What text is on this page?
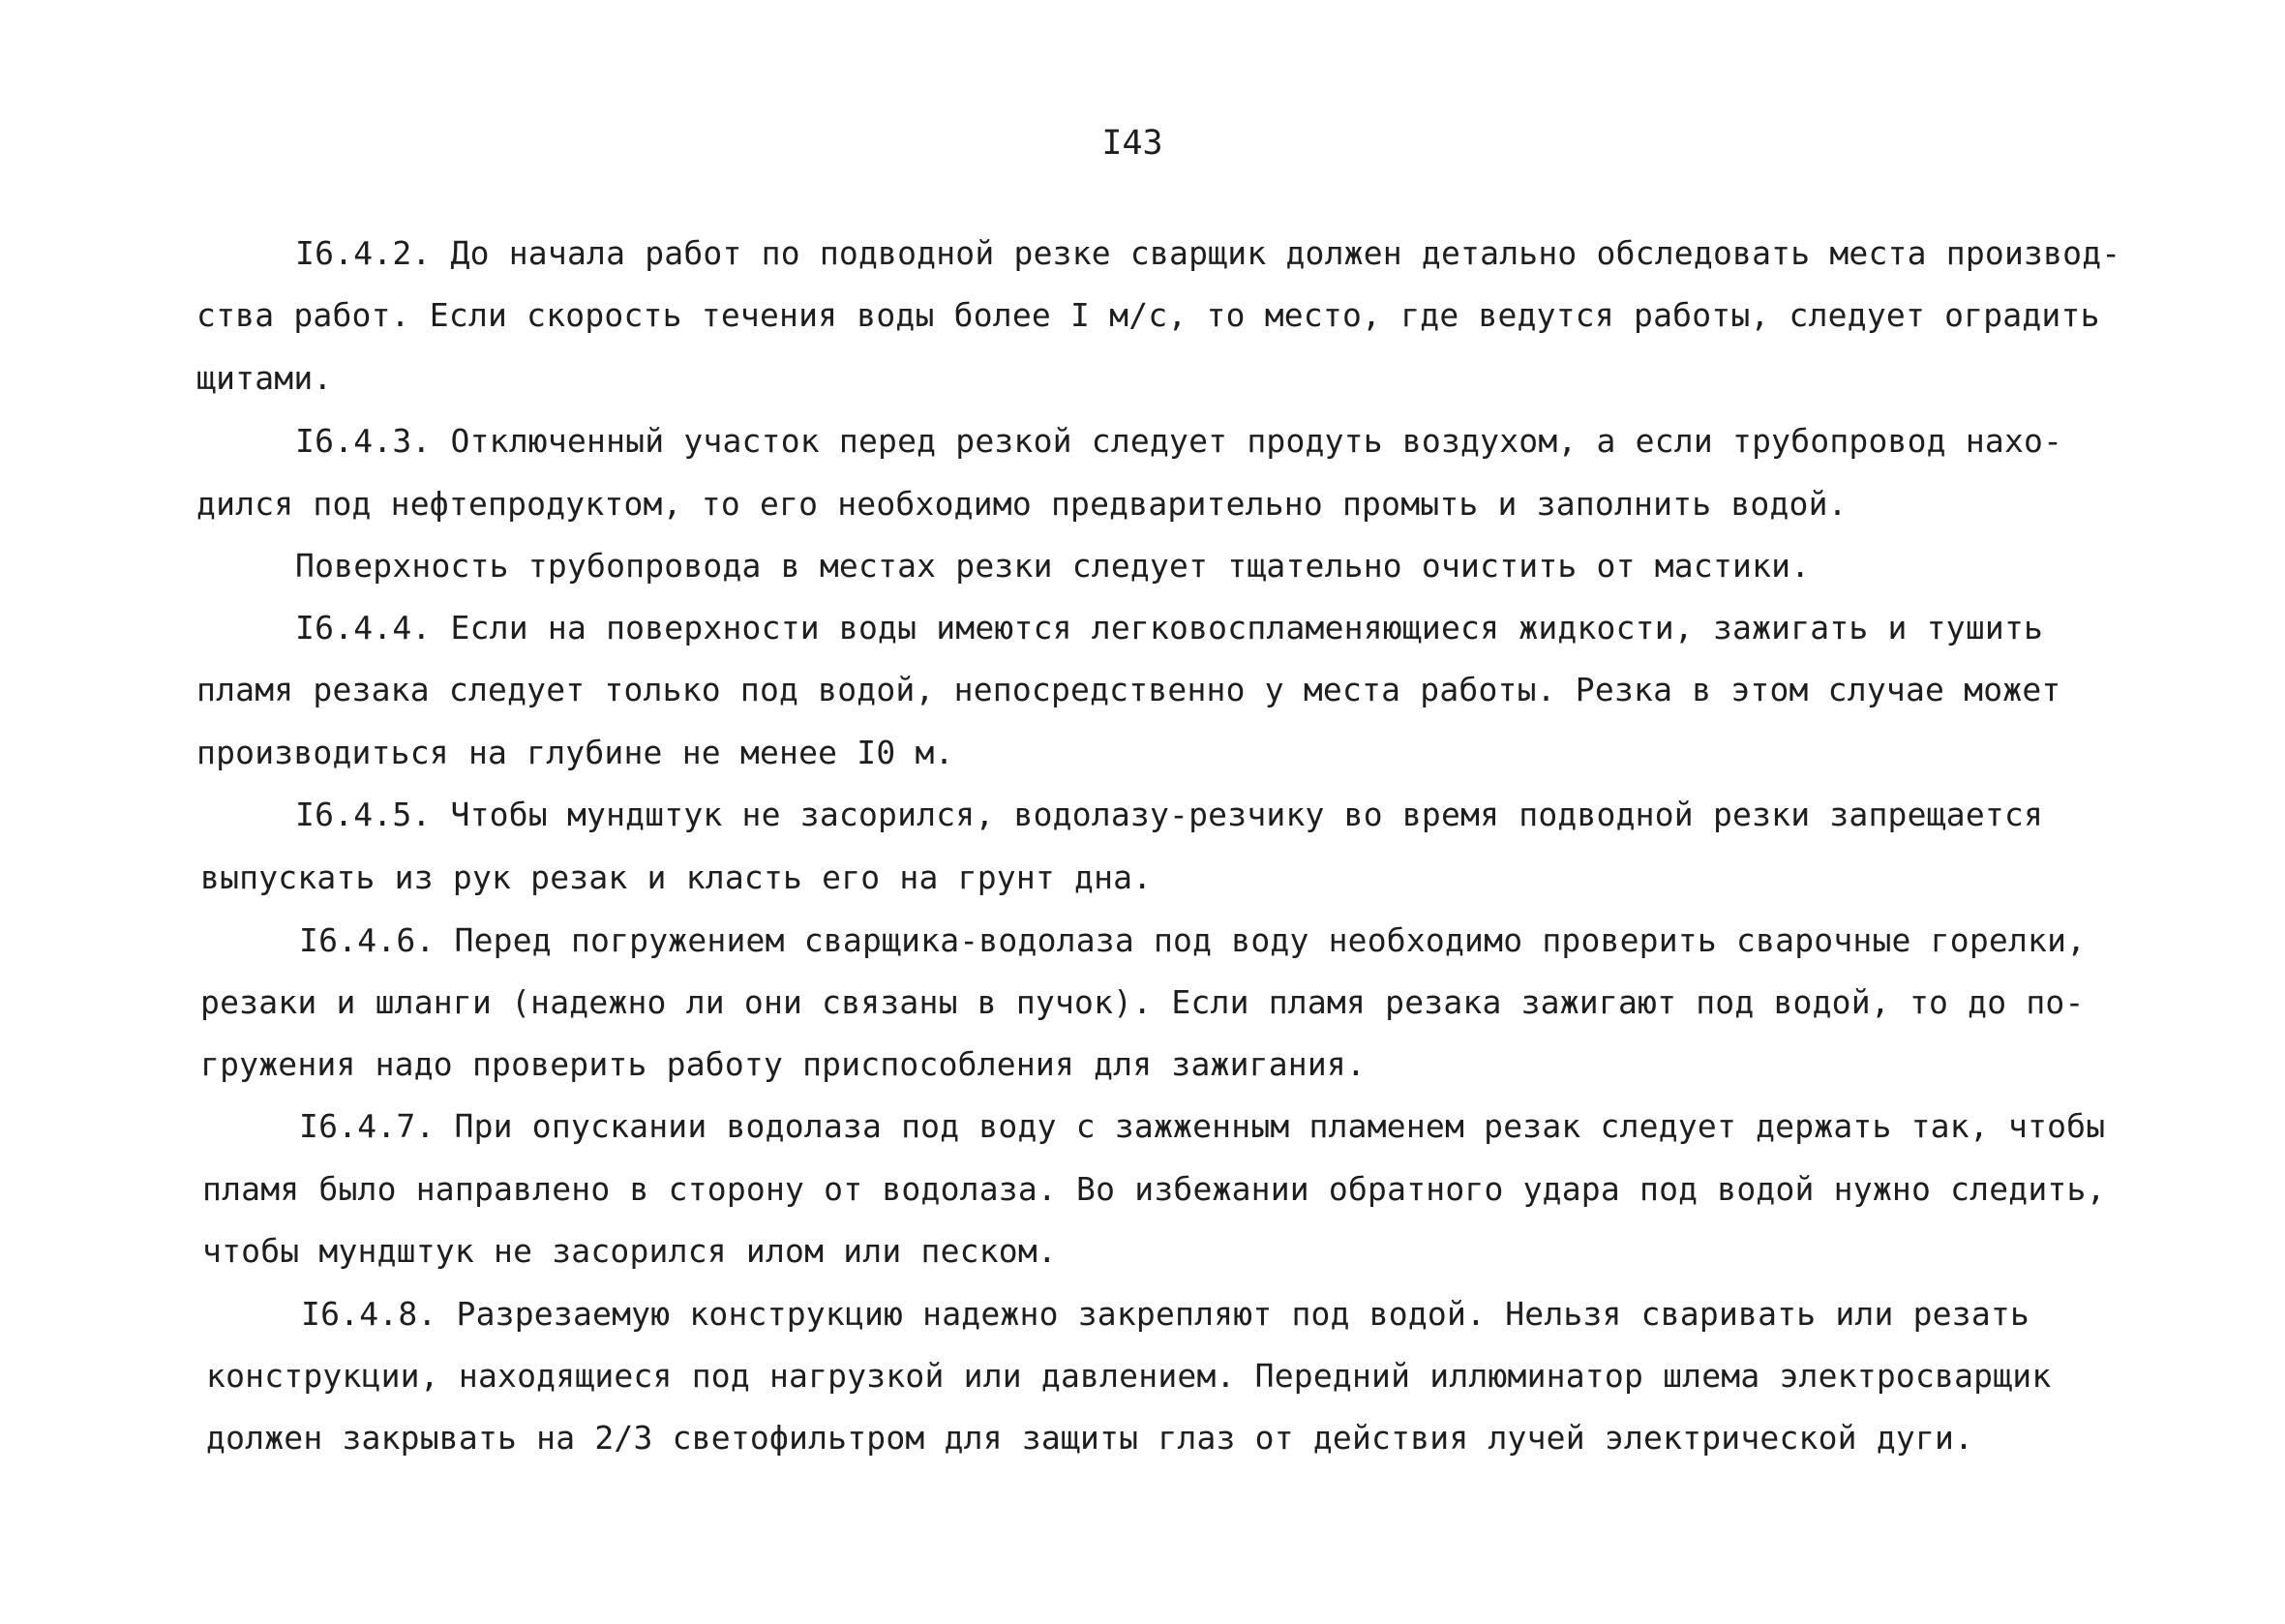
I43
I6.4.2. До начала работ по подводной резке сварщик должен детально обследовать места производ-
ства работ. Если скорость течения воды более I м/с, то место, где ведутся работы, следует оградить
щитами.
I6.4.3. Отключенный участок перед резкой следует продуть воздухом, а если трубопровод нахо-
дился под нефтепродуктом, то его необходимо предварительно промыть и заполнить водой.
Поверхность трубопровода в местах резки следует тщательно очистить от мастики.
I6.4.4. Если на поверхности воды имеются легковоспламеняющиеся жидкости, зажигать и тушить
пламя резака следует только под водой, непосредственно у места работы. Резка в этом случае может
производиться на глубине не менее I0 м.
I6.4.5. Чтобы мундштук не засорился, водолазу-резчику во время подводной резки запрещается
выпускать из рук резак и класть его на грунт дна.
I6.4.6. Перед погружением сварщика-водолаза под воду необходимо проверить сварочные горелки,
резаки и шланги (надежно ли они связаны в пучок). Если пламя резака зажигают под водой, то до по-
гружения надо проверить работу приспособления для зажигания.
I6.4.7. При опускании водолаза под воду с зажженным пламенем резак следует держать так, чтобы
пламя было направлено в сторону от водолаза. Во избежании обратного удара под водой нужно следить,
чтобы мундштук не засорился илом или песком.
I6.4.8. Разрезаемую конструкцию надежно закрепляют под водой. Нельзя сваривать или резать
конструкции, находящиеся под нагрузкой или давлением. Передний иллюминатор шлема электросварщик
должен закрывать на 2/3 светофильтром для защиты глаз от действия лучей электрической дуги.
